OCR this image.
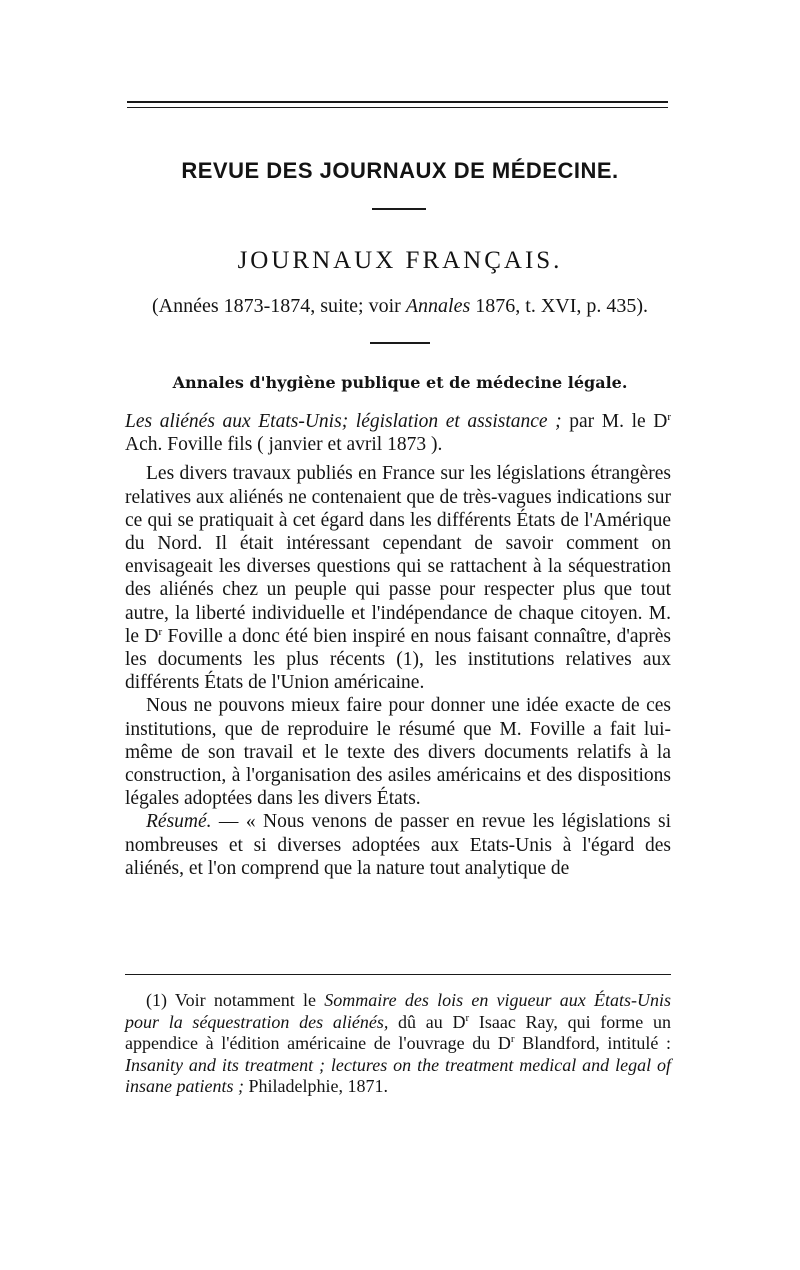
REVUE DES JOURNAUX DE MÉDECINE.
JOURNAUX FRANÇAIS.
(Années 1873-1874, suite; voir Annales 1876, t. XVI, p. 435).
Annales d'hygiène publique et de médecine légale.

Les aliénés aux Etats-Unis; législation et assistance ; par M. le $D^r$ Ach. Foville fils ( janvier et avril 1873 ).

Les divers travaux publiés en France sur les législations étrangères relatives aux aliénés ne contenaient que de très-vagues indications sur ce qui se pratiquait à cet égard dans les différents États de l'Amérique du Nord. Il était intéressant cependant de savoir comment on envisageait les diverses questions qui se rattachent à la séquestration des aliénés chez un peuple qui passe pour respecter plus que tout autre, la liberté individuelle et l'indépendance de chaque citoyen. M. le $D^r$ Foville a donc été bien inspiré en nous faisant connaître, d'après les documents les plus récents (1), les institutions relatives aux différents États de l'Union américaine.

Nous ne pouvons mieux faire pour donner une idée exacte de ces institutions, que de reproduire le résumé que M. Foville a fait lui-même de son travail et le texte des divers documents relatifs à la construction, à l'organisation des asiles américains et des dispositions légales adoptées dans les divers États.

Résumé. — « Nous venons de passer en revue les législations si nombreuses et si diverses adoptées aux Etats-Unis à l'égard des aliénés, et l'on comprend que la nature tout analytique de

(1) Voir notamment le Sommaire des lois en vigueur aux États-Unis pour la séquestration des aliénés, dû au $D^r$ Isaac Ray, qui forme un appendice à l'édition américaine de l'ouvrage du $D^r$ Blandford, intitulé : Insanity and its treatment ; lectures on the treatment medical and legal of insane patients ; Philadelphie, 1871.
